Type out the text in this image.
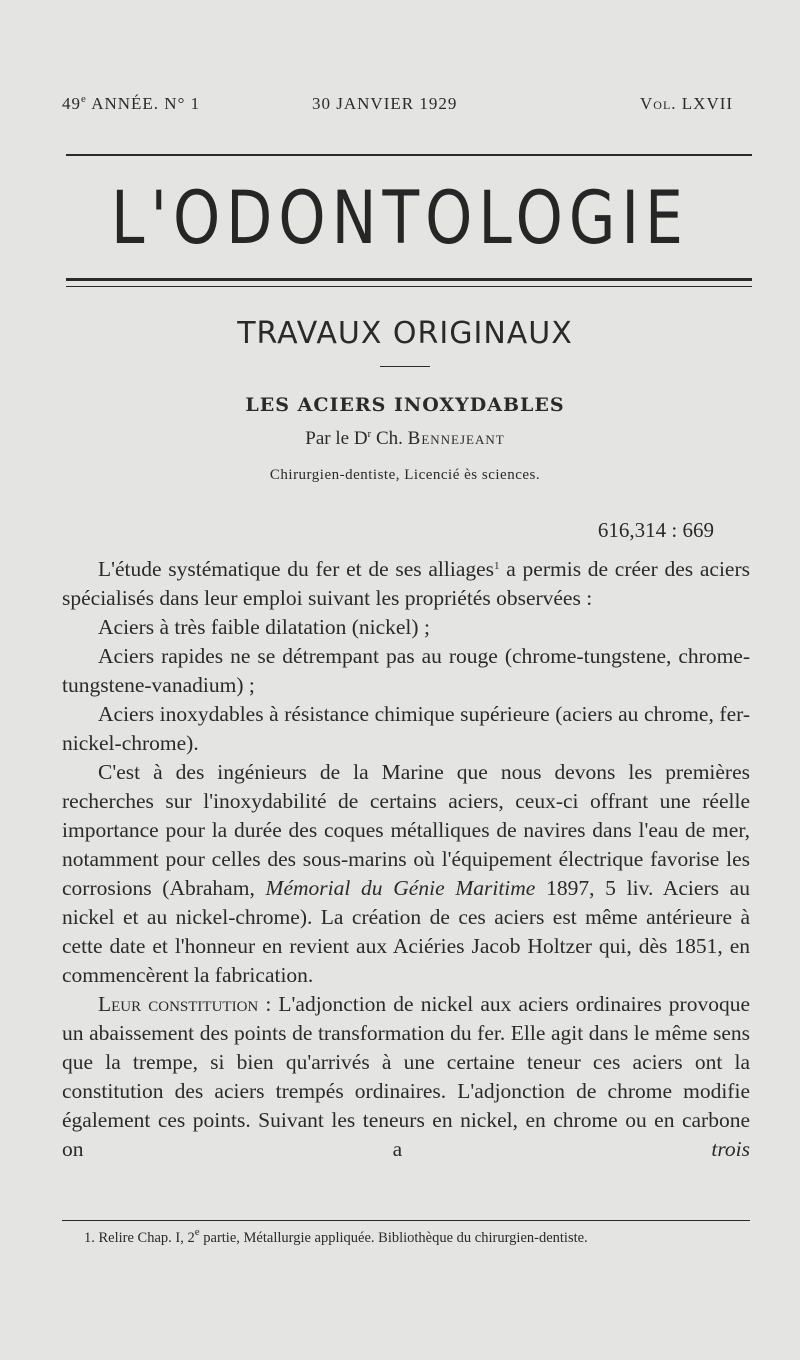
49e ANNÉE. N° 1	30 JANVIER 1929	Vol. LXVII
L'ODONTOLOGIE
TRAVAUX ORIGINAUX
LES ACIERS INOXYDABLES
Par le $D^r$ Ch. Bennejeant
Chirurgien-dentiste, Licencié ès sciences.
616,314 : 669

L'étude systématique du fer et de ses alliages$^1$ a permis de créer des aciers spécialisés dans leur emploi suivant les propriétés observées :

Aciers à très faible dilatation (nickel) ;

Aciers rapides ne se détrempant pas au rouge (chrome-tungstene, chrome-tungstene-vanadium) ;

Aciers inoxydables à résistance chimique supérieure (aciers au chrome, fer-nickel-chrome).

C'est à des ingénieurs de la Marine que nous devons les premières recherches sur l'inoxydabilité de certains aciers, ceux-ci offrant une réelle importance pour la durée des coques métalliques de navires dans l'eau de mer, notamment pour celles des sous-marins où l'équipement électrique favorise les corrosions (Abraham, Mémorial du Génie Maritime 1897, 5 liv. Aciers au nickel et au nickel-chrome). La création de ces aciers est même antérieure à cette date et l'honneur en revient aux Aciéries Jacob Holtzer qui, dès 1851, en commencèrent la fabrication.

Leur constitution : L'adjonction de nickel aux aciers ordinaires provoque un abaissement des points de transformation du fer. Elle agit dans le même sens que la trempe, si bien qu'arrivés à une certaine teneur ces aciers ont la constitution des aciers trempés ordinaires. L'adjonction de chrome modifie également ces points. Suivant les teneurs en nickel, en chrome ou en carbone on a trois

1. Relire Chap. I, 2e partie, Métallurgie appliquée. Bibliothèque du chirurgien-dentiste.
